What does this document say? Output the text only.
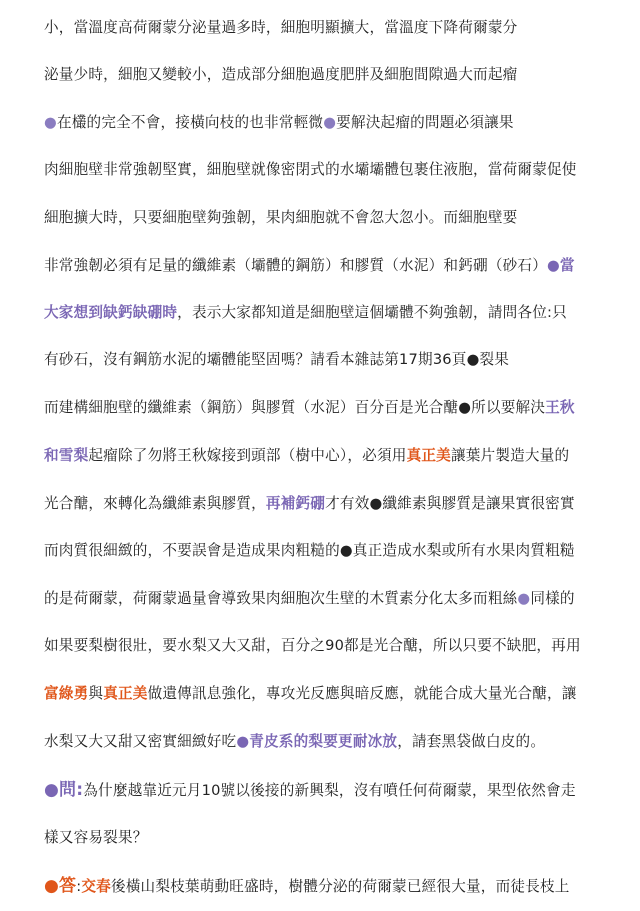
小，當溫度高荷爾蒙分泌量過多時，細胞明顯擴大，當溫度下降荷爾蒙分
泌量少時，細胞又變較小，造成部分細胞過度肥胖及細胞間隙過大而起瘤
●在欉的完全不會，接橫向枝的也非常輕微●要解決起瘤的問題必須讓果
肉細胞壁非常強韌堅實，細胞壁就像密閉式的水壩壩體包裹住液胞，當荷爾蒙促使
細胞擴大時，只要細胞壁夠強韌，果肉細胞就不會忽大忽小。而細胞壁要
非常強韌必須有足量的纖維素（壩體的鋼筋）和膠質（水泥）和鈣硼（砂石）●當
大家想到缺鈣缺硼時，表示大家都知道是細胞壁這個壩體不夠強韌，請問各位:只
有砂石，沒有鋼筋水泥的壩體能堅固嗎？請看本雜誌第17期36頁●裂果
而建構細胞壁的纖維素（鋼筋）與膠質（水泥）百分百是光合醣●所以要解決王秋
和雪梨起瘤除了勿將王秋嫁接到頭部（樹中心），必須用真正美讓葉片製造大量的
光合醣，來轉化為纖維素與膠質，再補鈣硼才有效●纖維素與膠質是讓果實很密實
而肉質很細緻的，不要誤會是造成果肉粗糙的●真正造成水梨或所有水果肉質粗糙
的是荷爾蒙，荷爾蒙過量會導致果肉細胞次生壁的木質素分化太多而粗絲●同樣的
如果要梨樹很壯，要水梨又大又甜，百分之90都是光合醣，所以只要不缺肥，再用
富綠勇與真正美做遺傳訊息強化，專攻光反應與暗反應，就能合成大量光合醣，讓
水梨又大又甜又密實細緻好吃●青皮系的梨要更耐冰放，請套黑袋做白皮的。
●問:為什麼越靠近元月10號以後接的新興梨，沒有噴任何荷爾蒙，果型依然會走
樣又容易裂果？
●答:交春後橫山梨枝葉萌動旺盛時，樹體分泌的荷爾蒙已經很大量，而徒長枝上
